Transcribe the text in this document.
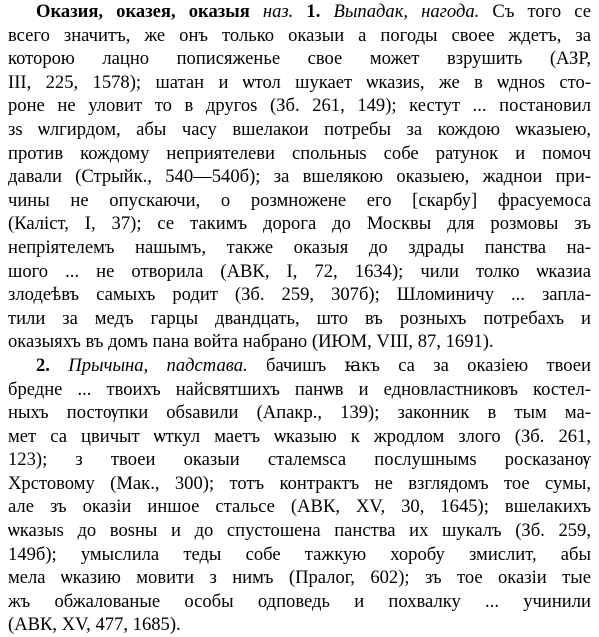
Оказия, оказея, оказыя наз. 1. Выпадак, нагода. Съ того се
всего значитъ, же онъ только оказыи а погоды своее ждетъ, за
которою лацно пописяженье свое может взрушить (АЗР,
III, 225, 1578); шатан и ѡтол шукает ѡказиs, же в ѡдноs сто-
роне не уловит то в другоs (Зб. 261, 149); кестут ... постановил
зs ѡлгирдом, абы часу вшелакои потребы за кождою ѡказыею,
против кождому неприятелеви спольныs собе ратунок и помоч
давали (Стрыйк., 540—540б); за вшелякою оказыею, жаднои при-
чины не опускаючи, о розмножене его [скарбу] фрасуемоса
(Каліст, I, 37); се такимъ дорога до Москвы для розмовы зъ
непріятелемъ нашымъ, также оказыя до здрады панства на-
шого ... не отворила (АВК, I, 72, 1634); чили толко ѡказиа
злодеѣвъ самыхъ родит (Зб. 259, 307б); Шломиничу ... запла-
тили за медъ гарцы двандцать, што въ розныхъ потребахъ и
оказыяхъ въ домъ пана войта набрано (ИЮМ, VIII, 87, 1691).
2. Прычына, падстава. бачишъ ꙗкъ са за оказіею твоеи
бредне ... твоихъ найсвятшихъ панѡв и едновластниковъ костел-
ныхъ постѹпки обsавили (Апакр., 139); законник в тым ма-
мет са цвичыт ѡткул маетъ ѡказыю к жродлом злого (Зб. 261,
123); з твоеи оказыи сталемsса послушнымs росказанѹ
Хрстовому (Мак., 300); тотъ контрактъ не взглядомъ тое сумы,
але зъ оказіи иншое стальсе (АВК, XV, 30, 1645); вшелакихъ
ѡказыs до воsны и до спустошена панства их шукалъ (Зб. 259,
149б); умыслила теды собе тажкую хоробу змислит, абы
мела ѡказию мовити з нимъ (Пралог, 602); зъ тое оказіи тые
жъ обжалованые особы одповедь и похвалку ... учинили
(АВК, XV, 477, 1685).
